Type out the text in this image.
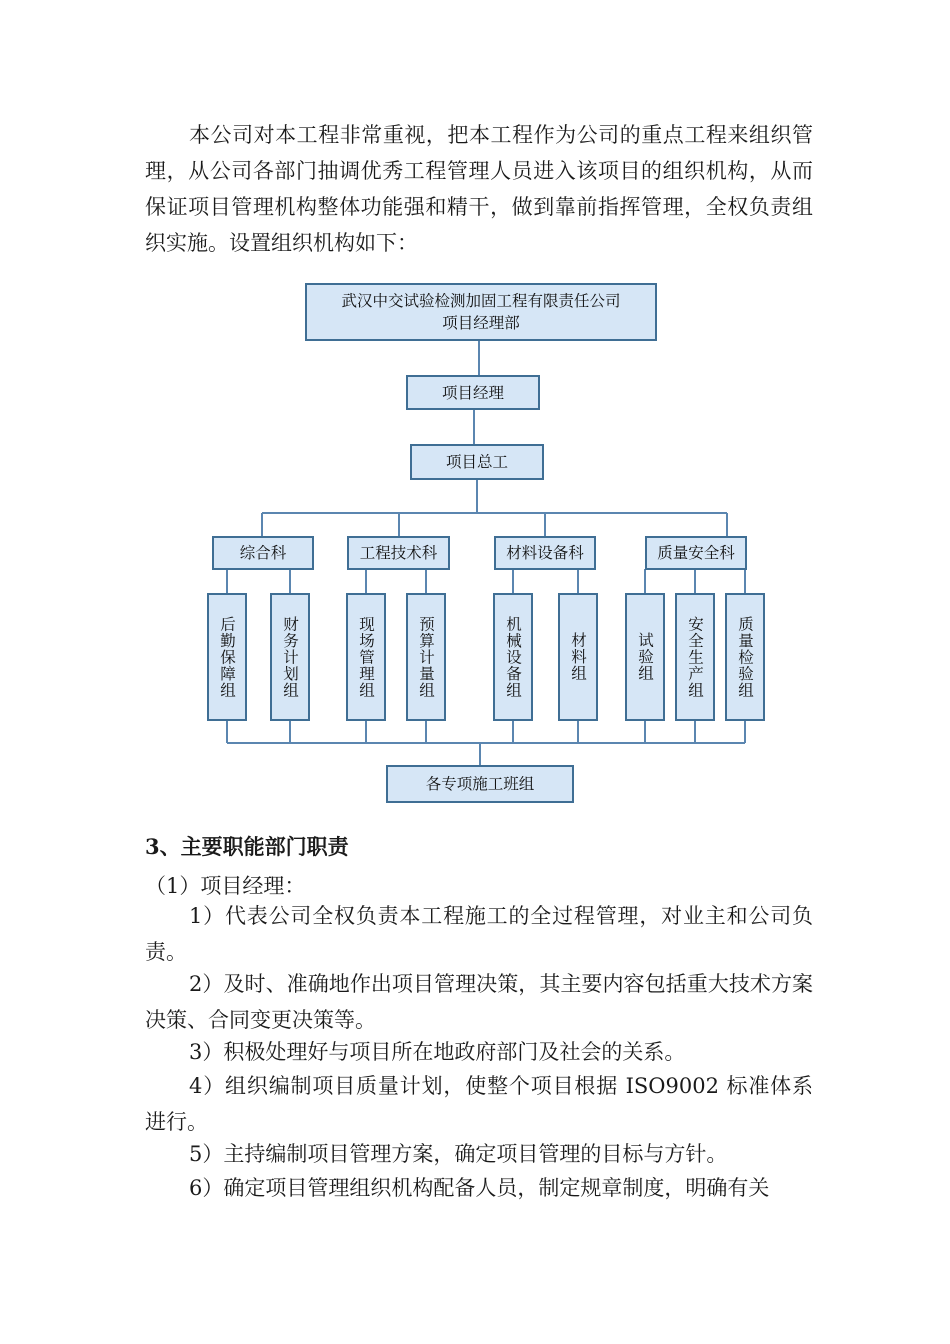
本公司对本工程非常重视，把本工程作为公司的重点工程来组织管理，从公司各部门抽调优秀工程管理人员进入该项目的组织机构，从而保证项目管理机构整体功能强和精干，做到靠前指挥管理，全权负责组织实施。设置组织机构如下：

武汉中交试验检测加固工程有限责任公司
项目经理部
项目经理
项目总工
综合科	工程技术科	材料设备科	质量安全科
后勤保障组	财务计划组	现场管理组	预算计量组	机械设备组	材料组	试验组	安全生产组	质量检验组
各专项施工班组

3、主要职能部门职责

（1）项目经理：

1）代表公司全权负责本工程施工的全过程管理，对业主和公司负责。

2）及时、准确地作出项目管理决策，其主要内容包括重大技术方案决策、合同变更决策等。

3）积极处理好与项目所在地政府部门及社会的关系。

4）组织编制项目质量计划，使整个项目根据 ISO9002 标准体系进行。

5）主持编制项目管理方案，确定项目管理的目标与方针。

6）确定项目管理组织机构配备人员，制定规章制度，明确有关
